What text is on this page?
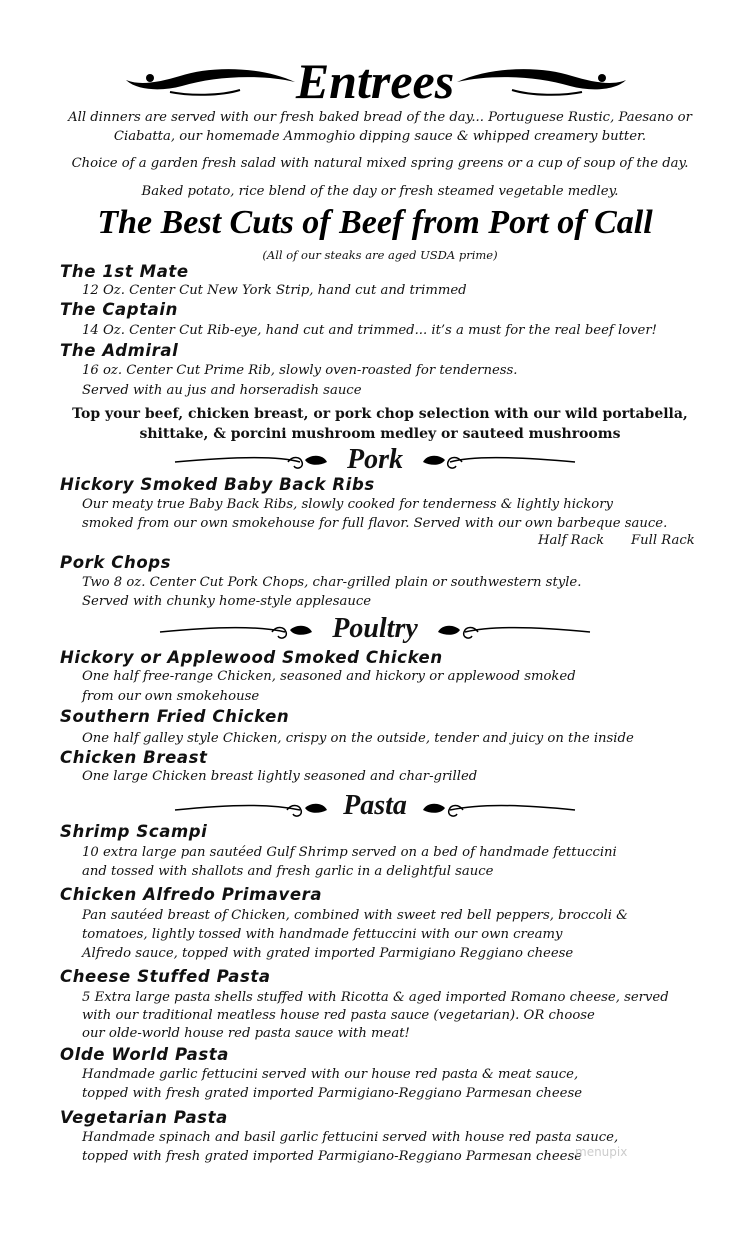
Entrees
All dinners are served with our fresh baked bread of the day... Portuguese Rustic, Paesano or Ciabatta, our homemade Ammoghio dipping sauce & whipped creamery butter.
Choice of a garden fresh salad with natural mixed spring greens or a cup of soup of the day.
Baked potato, rice blend of the day or fresh steamed vegetable medley.
The Best Cuts of Beef from Port of Call
(All of our steaks are aged USDA prime)
The 1st Mate
12 Oz. Center Cut New York Strip, hand cut and trimmed
The Captain
14 Oz. Center Cut Rib-eye, hand cut and trimmed... it’s a must for the real beef lover!
The Admiral
16 oz. Center Cut Prime Rib, slowly oven-roasted for tenderness.
Served with au jus and horseradish sauce
Top your beef, chicken breast, or pork chop selection with our wild portabella,
shittake, & porcini mushroom medley or sauteed mushrooms
Pork
Hickory Smoked Baby Back Ribs
Our meaty true Baby Back Ribs, slowly cooked for tenderness & lightly hickory
smoked from our own smokehouse for full flavor. Served with our own barbeque sauce.
Half Rack Full Rack
Pork Chops
Two 8 oz. Center Cut Pork Chops, char-grilled plain or southwestern style.
Served with chunky home-style applesauce
Poultry
Hickory or Applewood Smoked Chicken
One half free-range Chicken, seasoned and hickory or applewood smoked
from our own smokehouse
Southern Fried Chicken
One half galley style Chicken, crispy on the outside, tender and juicy on the inside
Chicken Breast
One large Chicken breast lightly seasoned and char-grilled
Pasta
Shrimp Scampi
10 extra large pan sautéed Gulf Shrimp served on a bed of handmade fettuccini
and tossed with shallots and fresh garlic in a delightful sauce
Chicken Alfredo Primavera
Pan sautéed breast of Chicken, combined with sweet red bell peppers, broccoli &
tomatoes, lightly tossed with handmade fettuccini with our own creamy
Alfredo sauce, topped with grated imported Parmigiano Reggiano cheese
Cheese Stuffed Pasta
5 Extra large pasta shells stuffed with Ricotta & aged imported Romano cheese, served
with our traditional meatless house red pasta sauce (vegetarian). OR choose
our olde-world house red pasta sauce with meat!
Olde World Pasta
Handmade garlic fettucini served with our house red pasta & meat sauce,
topped with fresh grated imported Parmigiano-Reggiano Parmesan cheese
Vegetarian Pasta
Handmade spinach and basil garlic fettucini served with house red pasta sauce,
topped with fresh grated imported Parmigiano-Reggiano Parmesan cheese
menupix
